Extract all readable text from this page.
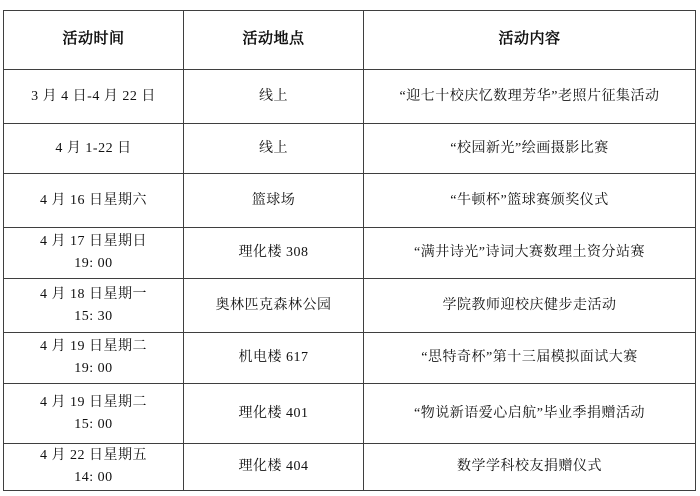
活动时间	活动地点	活动内容

3 月 4 日-4 月 22 日	线上	“迎七十校庆忆数理芳华”老照片征集活动

4 月 1-22 日	线上	“校园新光”绘画摄影比赛

4 月 16 日星期六	篮球场	“牛顿杯”篮球赛颁奖仪式

4 月 17 日星期日
19: 00	理化楼 308	“满井诗光”诗词大赛数理土资分站赛

4 月 18 日星期一
15: 30	奥林匹克森林公园	学院教师迎校庆健步走活动

4 月 19 日星期二
19: 00	机电楼 617	“思特奇杯”第十三届模拟面试大赛

4 月 19 日星期二
15: 00	理化楼 401	“物说新语爱心启航”毕业季捐赠活动

4 月 22 日星期五
14: 00	理化楼 404	数学学科校友捐赠仪式
